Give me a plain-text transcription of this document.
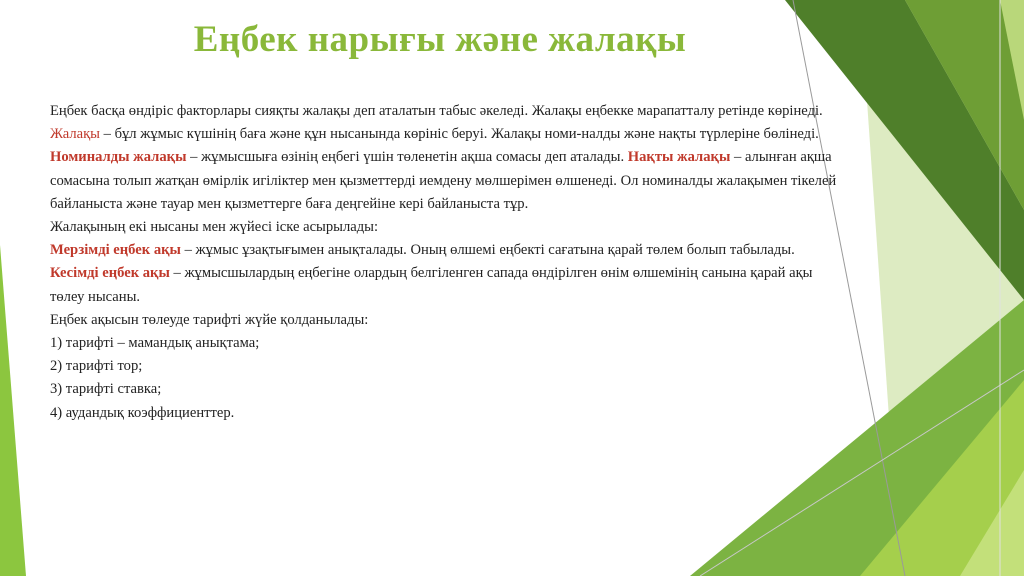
Еңбек нарығы және жалақы

Еңбек басқа өндіріс факторлары сияқты жалақы деп аталатын табыс әкеледі. Жалақы еңбекке марапатталу ретінде көрінеді.

Жалақы – бұл жұмыс күшінің баға және құн нысанында көрініс беруі. Жалақы номи-налды және нақты түрлеріне бөлінеді.

Номиналды жалақы – жұмысшыға өзінің еңбегі үшін төленетін ақша сомасы деп аталады. Нақты жалақы – алынған ақша сомасына толып жатқан өмірлік игіліктер мен қызметтерді иемдену мөлшерімен өлшенеді. Ол номиналды жалақымен тікелей байланыста және тауар мен қызметтерге баға деңгейіне кері байланыста тұр.

Жалақының екі нысаны мен жүйесі іске асырылады:

Мерзімді еңбек ақы – жұмыс ұзақтығымен анықталады. Оның өлшемі еңбекті сағатына қарай төлем болып табылады.

Кесімді еңбек ақы – жұмысшылардың еңбегіне олардың белгіленген сапада өндірілген өнім өлшемінің санына қарай ақы төлеу нысаны.

Еңбек ақысын төлеуде тарифті жүйе қолданылады:

1) тарифті – мамандық анықтама;

2) тарифті тор;

3) тарифті ставка;

4) аудандық коэффициенттер.
